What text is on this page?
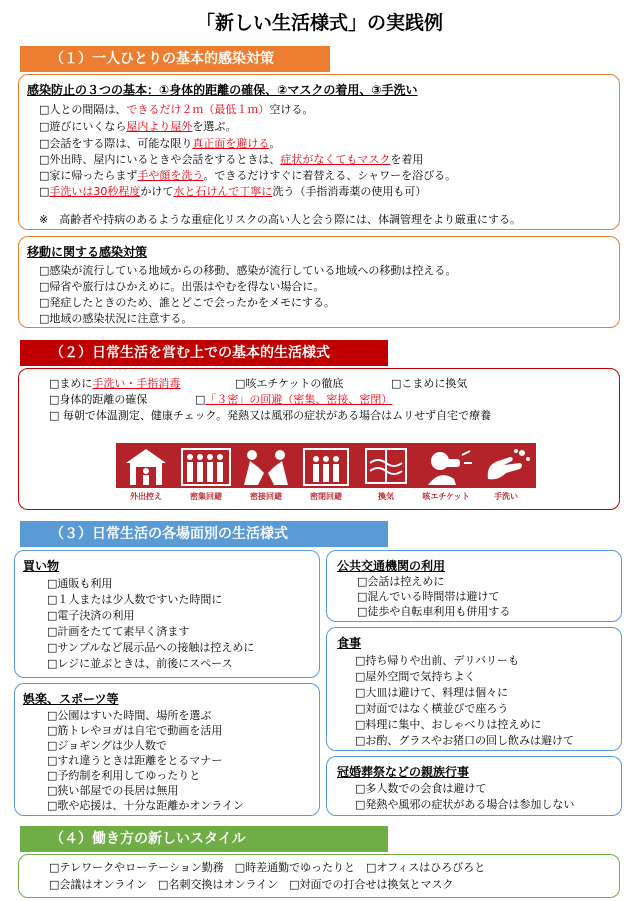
「新しい生活様式」の実践例
（１）一人ひとりの基本的感染対策
感染防止の３つの基本：①身体的距離の確保、②マスクの着用、③手洗い
□人との間隔は、できるだけ２ｍ（最低１ｍ）空ける。
□遊びにいくなら屋内より屋外を選ぶ。
□会話をする際は、可能な限り真正面を避ける。
□外出時、屋内にいるときや会話をするときは、症状がなくてもマスクを着用
□家に帰ったらまず手や顔を洗う。できるだけすぐに着替える、シャワーを浴びる。
□手洗いは30秒程度かけて水と石けんで丁寧に洗う（手指消毒薬の使用も可）
※　高齢者や持病のあるような重症化リスクの高い人と会う際には、体調管理をより厳重にする。
移動に関する感染対策
□感染が流行している地域からの移動、感染が流行している地域への移動は控える。
□帰省や旅行はひかえめに。出張はやむを得ない場合に。
□発症したときのため、誰とどこで会ったかをメモにする。
□地域の感染状況に注意する。
（２）日常生活を営む上での基本的生活様式
□まめに手洗い・手指消毒	□咳エチケットの徹底	□こまめに換気
□身体的距離の確保	□「３密」の回避（密集、密接、密閉）
□ 毎朝で体温測定、健康チェック。発熱又は風邪の症状がある場合はムリせず自宅で療養
外出控え	密集回避	密接回避	密閉回避	換気	咳エチケット	手洗い
（３）日常生活の各場面別の生活様式
買い物
□通販も利用
□１人または少人数ですいた時間に
□電子決済の利用
□計画をたてて素早く済ます
□サンプルなど展示品への接触は控えめに
□レジに並ぶときは、前後にスペース
娯楽、スポーツ等
□公園はすいた時間、場所を選ぶ
□筋トレやヨガは自宅で動画を活用
□ジョギングは少人数で
□すれ違うときは距離をとるマナー
□予約制を利用してゆったりと
□狭い部屋での長居は無用
□歌や応援は、十分な距離かオンライン
公共交通機関の利用
□会話は控えめに
□混んでいる時間帯は避けて
□徒歩や自転車利用も併用する
食事
□持ち帰りや出前、デリバリーも
□屋外空間で気持ちよく
□大皿は避けて、料理は個々に
□対面ではなく横並びで座ろう
□料理に集中、おしゃべりは控えめに
□お酌、グラスやお猪口の回し飲みは避けて
冠婚葬祭などの親族行事
□多人数での会食は避けて
□発熱や風邪の症状がある場合は参加しない
（４）働き方の新しいスタイル
□テレワークやローテーション勤務　□時差通勤でゆったりと　□オフィスはひろびろと
□会議はオンライン　□名刺交換はオンライン　□対面での打合せは換気とマスク
